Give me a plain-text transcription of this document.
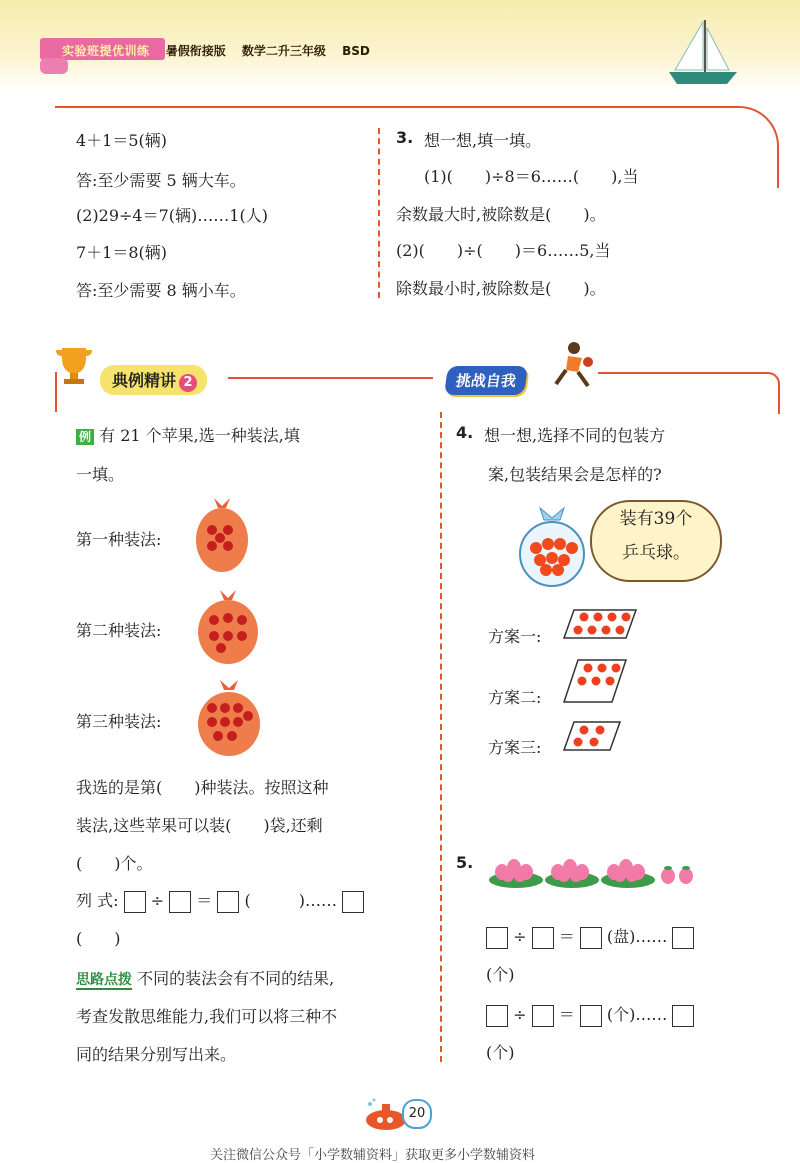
实验班提优训练 暑假衔接版 数学二升三年级 BSD
4＋1＝5(辆)
答:至少需要 5 辆大车。
(2)29÷4＝7(辆)……1(人)
7＋1＝8(辆)
答:至少需要 8 辆小车。
3. 想一想,填一填。
(1)(　　)÷8＝6……(　　),当
余数最大时,被除数是(　　)。
(2)(　　)÷(　　)＝6……5,当
除数最小时,被除数是(　　)。
典例精讲 2	挑战自我
例 有 21 个苹果,选一种装法,填
一填。
第一种装法:
第二种装法:
第三种装法:
我选的是第(　　)种装法。按照这种
装法,这些苹果可以装(　　)袋,还剩
(　　)个。
列 式: ÷ ＝ (　　　)……
(　　)
思路点拨 不同的装法会有不同的结果,
考查发散思维能力,我们可以将三种不
同的结果分别写出来。
4. 想一想,选择不同的包装方
案,包装结果会是怎样的?
装有39个
乒乓球。
方案一:
方案二:
方案三:
5.
÷ ＝ (盘)……
(个)
÷ ＝ (个)……
(个)
20
关注微信公众号「小学数辅资料」获取更多小学数辅资料
